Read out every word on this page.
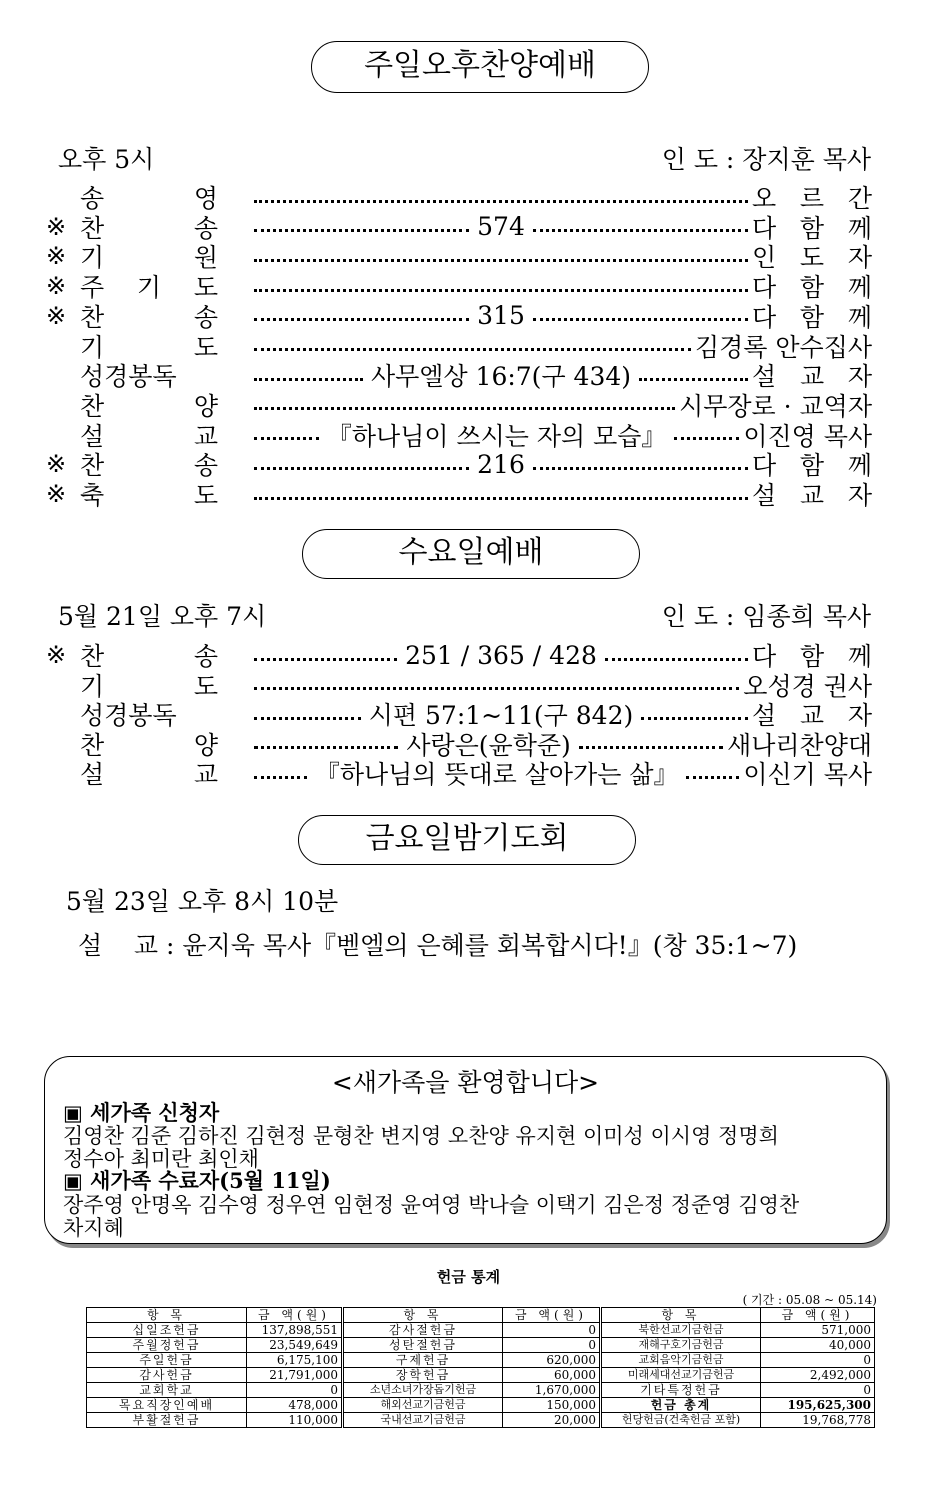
주일오후찬양예배
오후 5시	인 도 : 장지훈 목사
송	영	오 르 간
※ 찬	송	574	다 함 께
※ 기	원	인 도 자
※ 주 기 도	다 함 께
※ 찬	송	315	다 함 께
기	도	김경록 안수집사
성경봉독	사무엘상 16:7(구 434)	설 교 자
찬	양	시무장로 · 교역자
설	교	『하나님이 쓰시는 자의 모습』	이진영 목사
※ 찬	송	216	다 함 께
※ 축	도	설 교 자
수요일예배
5월 21일 오후 7시	인 도 : 임종희 목사
※ 찬	송	251 / 365 / 428	다 함 께
기	도	오성경 권사
성경봉독	시편 57:1~11(구 842)	설 교 자
찬	양	사랑은(윤학준)	새나리찬양대
설	교	『하나님의 뜻대로 살아가는 삶』	이신기 목사
금요일밤기도회
5월 23일 오후 8시 10분
설    교 : 윤지욱 목사『벧엘의 은혜를 회복합시다!』(창 35:1~7)
<새가족을 환영합니다>
▣ 세가족 신청자
김영찬 김준 김하진 김현정 문형찬 변지영 오찬양 유지현 이미성 이시영 정명희
정수아 최미란 최인채
▣ 새가족 수료자(5월 11일)
장주영 안명옥 김수영 정우연 임현정 윤여영 박나슬 이택기 김은정 정준영 김영찬
차지혜
헌금 통계
( 기간 : 05.08 ~ 05.14)
항 목	금 액(원)	항 목	금 액(원)	항 목	금 액(원)
십일조헌금	137,898,551	감사절헌금	0	북한선교기금헌금	571,000
주월정헌금	23,549,649	성탄절헌금	0	재해구호기금헌금	40,000
주일헌금	6,175,100	구제헌금	620,000	교회음악기금헌금	0
감사헌금	21,791,000	장학헌금	60,000	미래세대선교기금헌금	2,492,000
교회학교	0	소년소녀가장돕기헌금	1,670,000	기타특정헌금	0
목요직장인예배	478,000	해외선교기금헌금	150,000	헌금 총계	195,625,300
부활절헌금	110,000	국내선교기금헌금	20,000	헌당헌금(건축헌금 포함)	19,768,778
